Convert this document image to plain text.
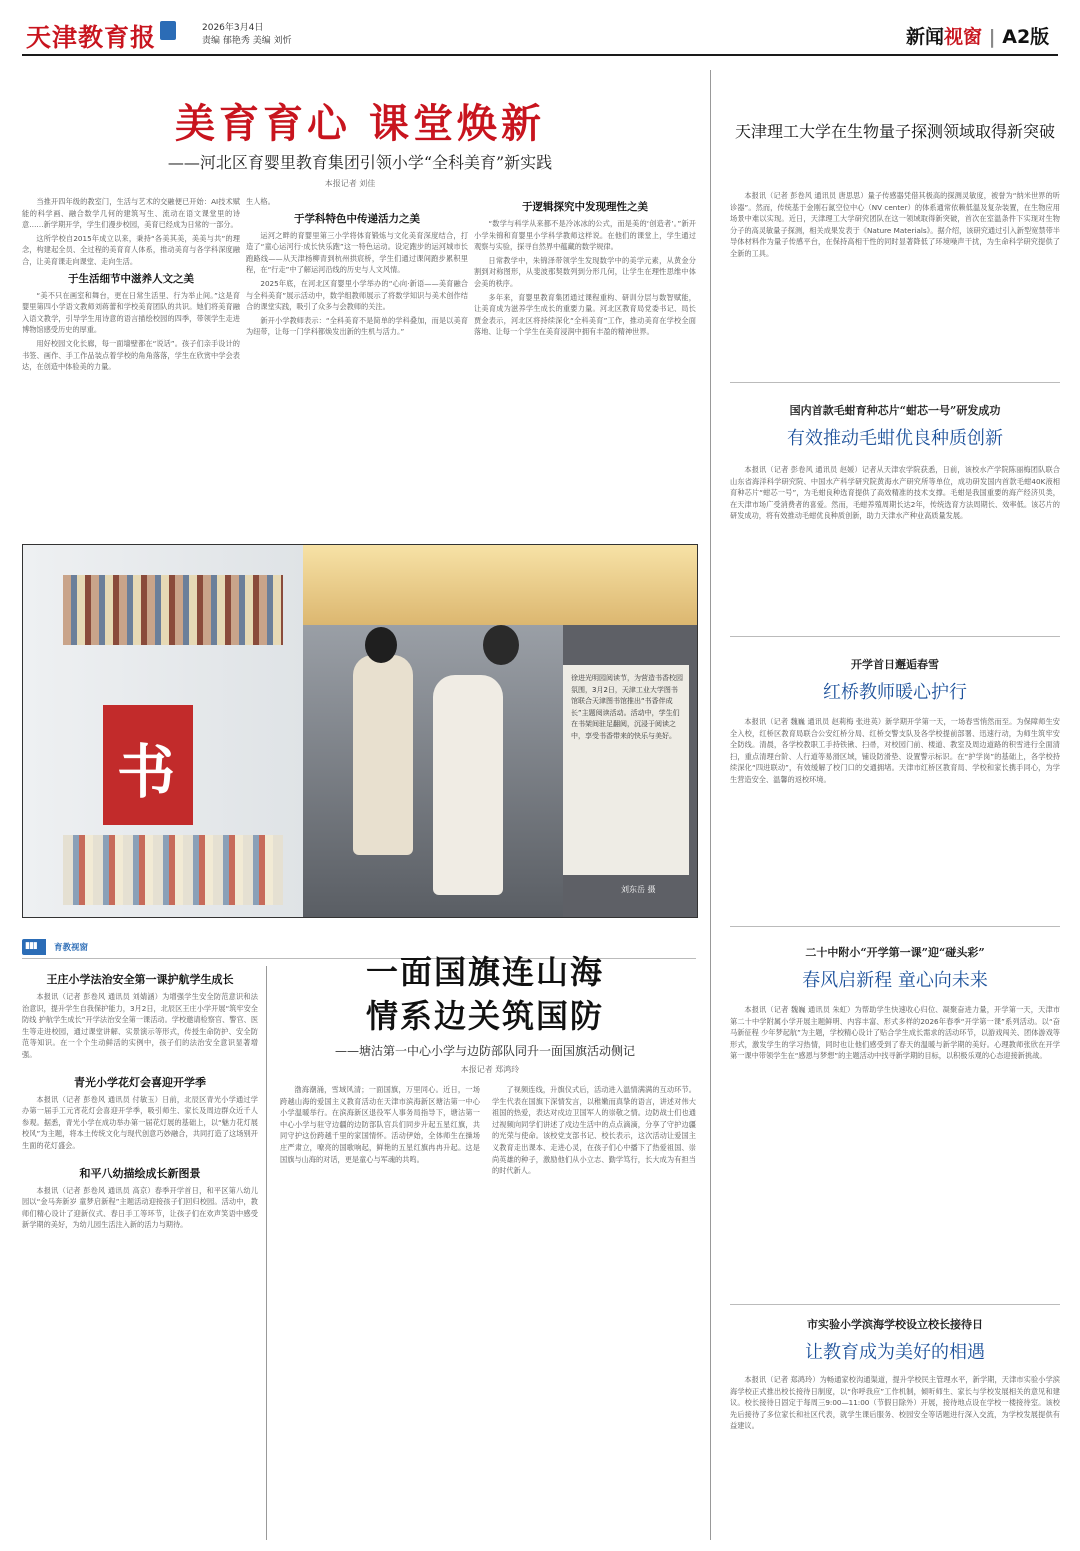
天津教育报	2026年3月4日
责编 郁艳秀 美编 刘忻	新闻视窗 | A2版
美育育心 课堂焕新
——河北区育婴里教育集团引领小学“全科美育”新实践
本报记者 刘佳

当推开四年级的教室门，生活与艺术的交融便已开始：AI技术赋能的科学画、融合数学几何的建筑写生、流动在语文课堂里的诗意……新学期开学，学生们漫步校园，美育已经成为日常的一部分。

这所学校自2015年成立以来，秉持“各美其美，美美与共”的理念，构建起全员、全过程的美育育人体系，推动美育与各学科深度融合，让美育课走向课堂、走向生活。

于生活细节中滋养人文之美

“美不只在画室和舞台，更在日常生活里、行为举止间。”这是育婴里第四小学语文教师刘蒋蕾和学校美育团队的共识。她们将美育融入语文教学，引导学生用诗意的语言描绘校园的四季，带领学生走进博物馆感受历史的厚重。

用好校园文化长廊，每一面墙壁都在“说话”。孩子们亲手设计的书签、画作、手工作品装点着学校的角角落落，学生在欣赏中学会表达，在创造中体验美的力量。

生人格。

于学科特色中传递活力之美

运河之畔的育婴里第三小学将体育锻炼与文化美育深度结合，打造了“童心运河行·成长快乐跑”这一特色运动。设定跑步的运河城市长跑路线——从天津杨柳青到杭州拱宸桥，学生们通过课间跑步累积里程，在“行走”中了解运河沿线的历史与人文风情。

2025年底，在河北区育婴里小学举办的“心向·新语——美育融合与全科美育”展示活动中，数学组教师展示了将数学知识与美术创作结合的课堂实践，吸引了众多与会教师的关注。

新开小学教师表示：“全科美育不是简单的学科叠加，而是以美育为纽带，让每一门学科都焕发出新的生机与活力。”

于逻辑探究中发现理性之美

“数学与科学从来都不是冷冰冰的公式，而是美的‘创造者’。”新开小学朱锦和育婴里小学科学教师这样说。在他们的课堂上，学生通过观察与实验，探寻自然界中蕴藏的数学规律。

日常教学中，朱锦泽带领学生发现数学中的美学元素，从黄金分割到对称图形，从斐波那契数列到分形几何，让学生在理性思维中体会美的秩序。

多年来，育婴里教育集团通过课程重构、研训分层与数智赋能，让美育成为滋养学生成长的重要力量。河北区教育局党委书记、局长贾金表示，河北区将持续深化“全科美育”工作，推动美育在学校全面落地、让每一个学生在美育浸润中拥有丰盈的精神世界。

书
徐进光明园阅读节，为营造书香校园氛围，3月2日，天津工业大学图书馆联合天津图书馆推出“书香伴成长”主题阅读活动。活动中，学生们在书架间驻足翻阅，沉浸于阅读之中，享受书香带来的快乐与美好。
刘东岳 摄
天津理工大学在生物量子探测领域取得新突破

本报讯（记者 彭卷风 通讯员 唐思思）量子传感器凭借其极高的探测灵敏度，被誉为“纳米世界的听诊器”。然而，传统基于金刚石氮空位中心（NV center）的体系通常依赖低温及复杂装置，在生物应用场景中难以实现。近日，天津理工大学研究团队在这一领域取得新突破，首次在室温条件下实现对生物分子的高灵敏量子探测，相关成果发表于《Nature Materials》。据介绍，该研究通过引入新型宽禁带半导体材料作为量子传感平台，在保持高相干性的同时显著降低了环境噪声干扰，为生命科学研究提供了全新的工具。

国内首款毛蚶育种芯片“蚶芯一号”研发成功
有效推动毛蚶优良种质创新

本报讯（记者 彭卷风 通讯员 赵媛）记者从天津农学院获悉，日前，该校水产学院陈丽梅团队联合山东省海洋科学研究院、中国水产科学研究院黄海水产研究所等单位，成功研发国内首款毛蚶40K液相育种芯片“蚶芯一号”，为毛蚶良种选育提供了高效精准的技术支撑。毛蚶是我国重要的海产经济贝类，在天津市场广受消费者的喜爱。然而，毛蚶养殖周期长达2年，传统选育方法周期长、效率低。该芯片的研发成功，将有效推动毛蚶优良种质创新，助力天津水产种业高质量发展。

开学首日邂逅春雪
红桥教师暖心护行

本报讯（记者 魏巍 通讯员 赵莉梅 张进英）新学期开学第一天，一场春雪悄然而至。为保障师生安全入校，红桥区教育局联合公安红桥分局、红桥交警支队及各学校提前部署、迅速行动，为师生筑牢安全防线。清晨，各学校教职工手持铁锹、扫帚，对校园门前、楼道、教室及周边道路的积雪进行全面清扫，重点清理台阶、人行道等易滑区域，铺设防滑垫、设置警示标识。在“护学岗”的基础上，各学校持续深化“四进联动”，有效缓解了校门口的交通拥堵。天津市红桥区教育局、学校和家长携手同心，为学生营造安全、温馨的返校环境。

二十中附小“开学第一课”迎“碰头彩”
春风启新程 童心向未来

本报讯（记者 魏巍 通讯员 朱虹）为帮助学生快速收心归位、凝聚奋进力量，开学第一天，天津市第二十中学附属小学开展主题鲜明、内容丰富、形式多样的2026年春季“开学第一课”系列活动。以“奋马新征程 少年梦起航”为主题，学校精心设计了贴合学生成长需求的活动环节，以游戏闯关、团体游戏等形式，激发学生的学习热情，同时也让他们感受到了春天的温暖与新学期的美好。心理教师张欣在开学第一课中带领学生在“感恩与梦想”的主题活动中找寻新学期的目标，以积极乐观的心态迎接新挑战。

市实验小学滨海学校设立校长接待日
让教育成为美好的相遇

本报讯（记者 郑鸿玲）为畅通家校沟通渠道，提升学校民主管理水平，新学期，天津市实验小学滨海学校正式推出校长接待日制度，以“你呼我应”工作机制，倾听师生、家长与学校发展相关的意见和建议。校长接待日固定于每周三9:00—11:00（节假日除外）开展，接待地点设在学校一楼接待室。该校先后接待了多位家长和社区代表，就学生课后服务、校园安全等话题进行深入交流，为学校发展提供有益建议。

▮▮▮ 育教视窗
王庄小学法治安全第一课护航学生成长

本报讯（记者 彭卷风 通讯员 刘婧涵）为增强学生安全防范意识和法治意识，提升学生自我保护能力，3月2日，北辰区王庄小学开展“筑牢安全防线 护航学生成长”开学法治安全第一课活动。学校邀请检察官、警官、医生等走进校园，通过课堂讲解、实景演示等形式，传授生命防护、安全防范等知识。在一个个生动鲜活的实例中，孩子们的法治安全意识显著增强。

青光小学花灯会喜迎开学季

本报讯（记者 彭卷风 通讯员 付敏玉）日前，北辰区青光小学通过学办第一届手工元宵花灯会喜迎开学季，吸引师生、家长及周边群众近千人参观。据悉，青光小学在成功举办第一届花灯展的基础上，以“魅力花灯展校风”为主题，将本土传统文化与现代创意巧妙融合，共同打造了这场别开生面的花灯盛会。

和平八幼描绘成长新图景

本报讯（记者 彭卷风 通讯员 高京）春季开学首日，和平区第八幼儿园以“金马奔新岁 童梦启新程”主题活动迎接孩子们回归校园。活动中，教师们精心设计了迎新仪式、春日手工等环节，让孩子们在欢声笑语中感受新学期的美好，为幼儿园生活注入新的活力与期待。

一面国旗连山海
情系边关筑国防
——塘沽第一中心小学与边防部队同升一面国旗活动侧记
本报记者 郑鸿玲

渤海潮涌，雪域风清；一面国旗，万里同心。近日，一场跨越山海的爱国主义教育活动在天津市滨海新区塘沽第一中心小学温暖举行。在滨海新区退役军人事务局指导下，塘沽第一中心小学与驻守边疆的边防部队官兵们同步升起五星红旗，共同守护这份跨越千里的家国情怀。活动伊始，全体师生在操场庄严肃立，嘹亮的国歌响起，鲜艳的五星红旗冉冉升起。这是国旗与山海的对话，更是童心与军魂的共鸣。

了视频连线，升旗仪式后，活动进入温情满满的互动环节。学生代表在国旗下深情发言，以稚嫩而真挚的语言，讲述对伟大祖国的热爱，表达对戍边卫国军人的崇敬之情。边防战士们也通过视频向同学们讲述了戍边生活中的点点滴滴，分享了守护边疆的光荣与使命。该校党支部书记、校长表示，这次活动让爱国主义教育走出课本、走进心灵，在孩子们心中播下了热爱祖国、崇尚英雄的种子，激励他们从小立志、勤学笃行，长大成为有担当的时代新人。
